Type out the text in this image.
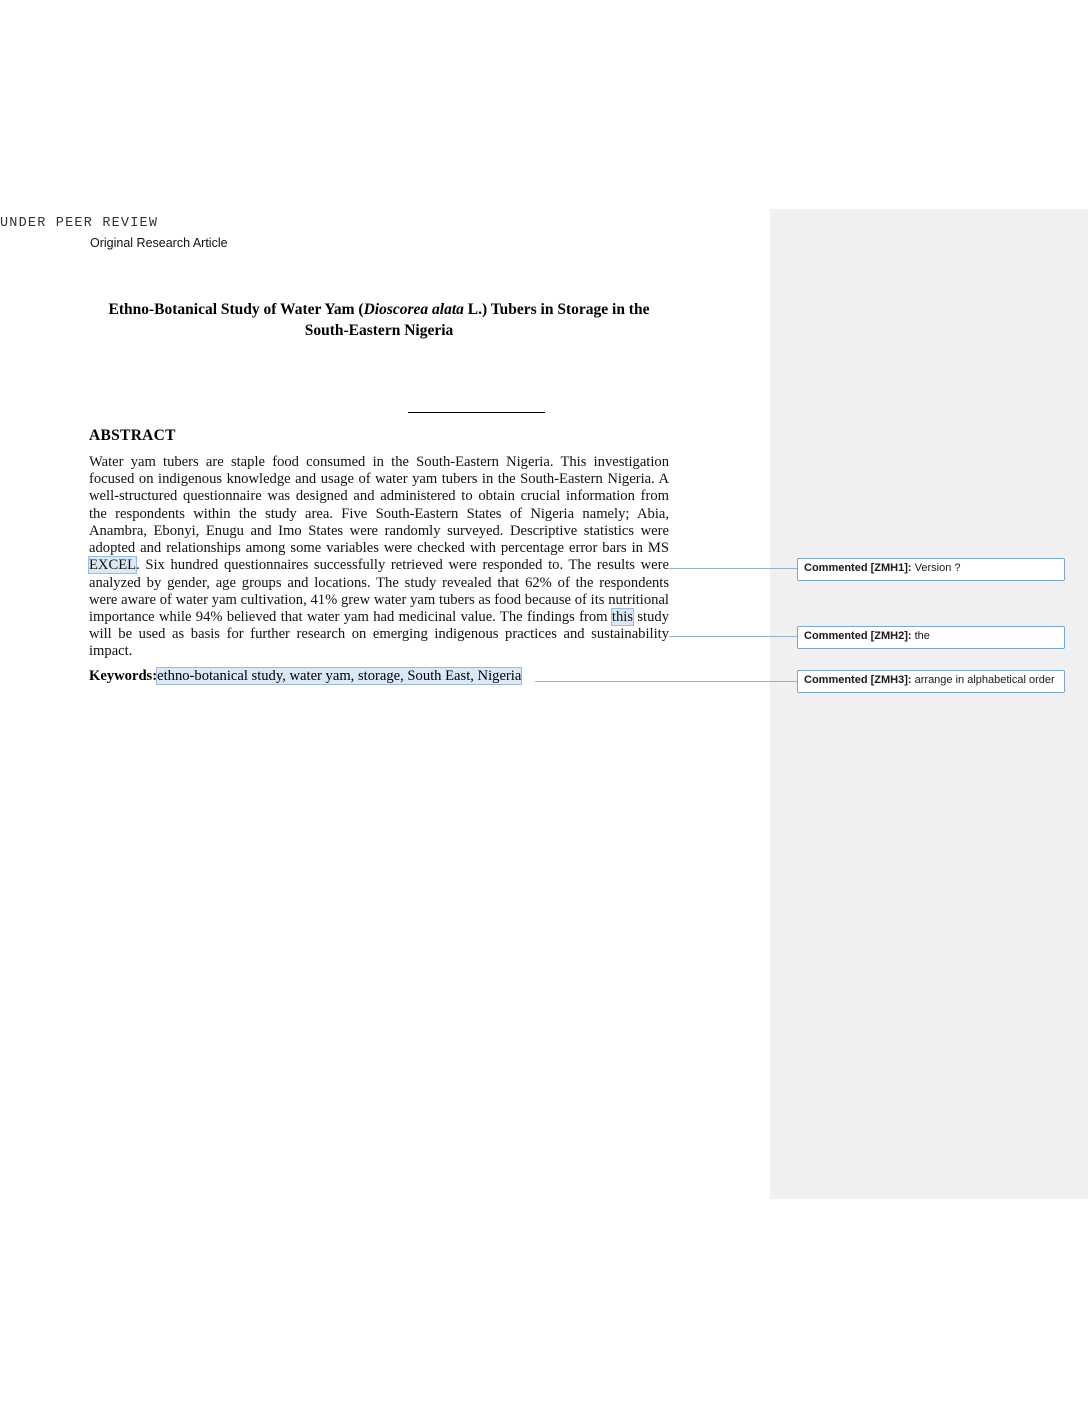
UNDER PEER REVIEW
Original Research Article
Ethno-Botanical Study of Water Yam (Dioscorea alata L.) Tubers in Storage in the South-Eastern Nigeria
ABSTRACT
Water yam tubers are staple food consumed in the South-Eastern Nigeria. This investigation focused on indigenous knowledge and usage of water yam tubers in the South-Eastern Nigeria. A well-structured questionnaire was designed and administered to obtain crucial information from the respondents within the study area. Five South-Eastern States of Nigeria namely; Abia, Anambra, Ebonyi, Enugu and Imo States were randomly surveyed. Descriptive statistics were adopted and relationships among some variables were checked with percentage error bars in MS EXCEL. Six hundred questionnaires successfully retrieved were responded to. The results were analyzed by gender, age groups and locations. The study revealed that 62% of the respondents were aware of water yam cultivation, 41% grew water yam tubers as food because of its nutritional importance while 94% believed that water yam had medicinal value. The findings from this study will be used as basis for further research on emerging indigenous practices and sustainability impact.
Keywords:ethno-botanical study, water yam, storage, South East, Nigeria
Commented [ZMH1]: Version ?
Commented [ZMH2]: the
Commented [ZMH3]: arrange in alphabetical order
